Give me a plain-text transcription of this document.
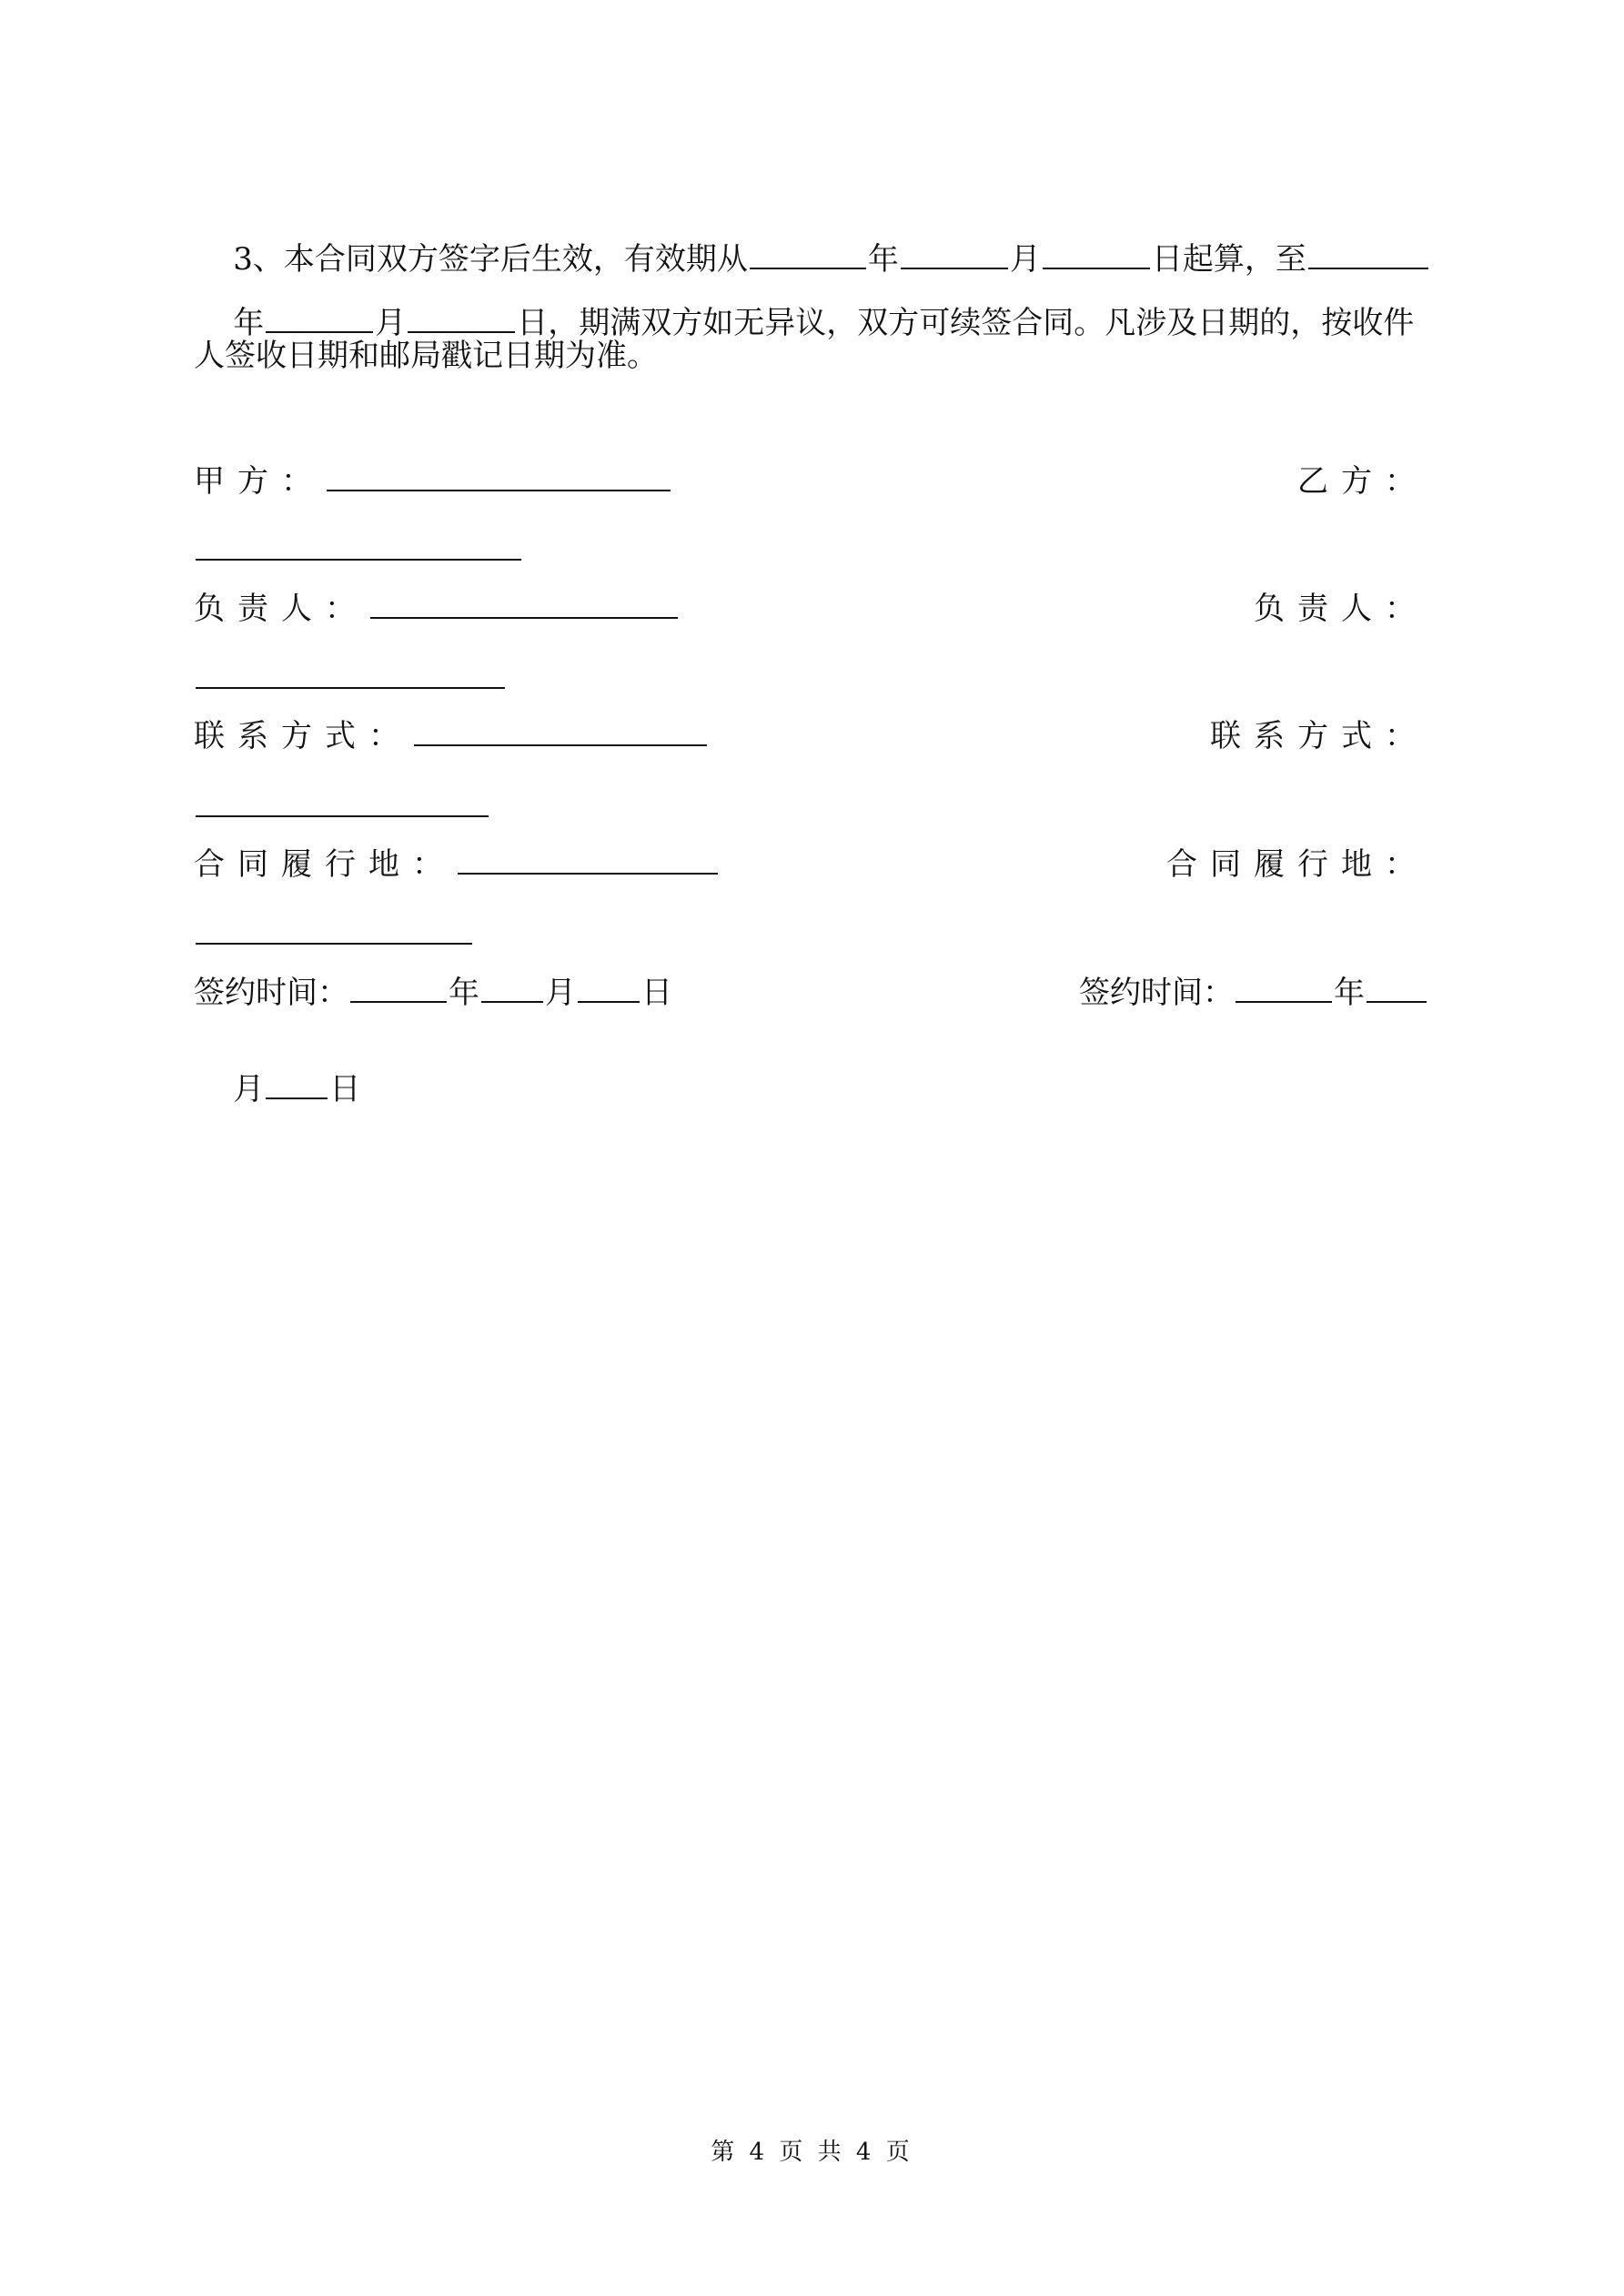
3、本合同双方签字后生效，有效期从	年	月	日起算，至

年	月	日，期满双方如无异议，双方可续签合同。凡涉及日期的，按收件

人签收日期和邮局戳记日期为准。
甲方：	乙方：
负责人：	负责人：
联系方式：	联系方式：
合同履行地：	合同履行地：
签约时间：	年 月 日	签约时间：	年

月 日

第 4 页 共 4 页
